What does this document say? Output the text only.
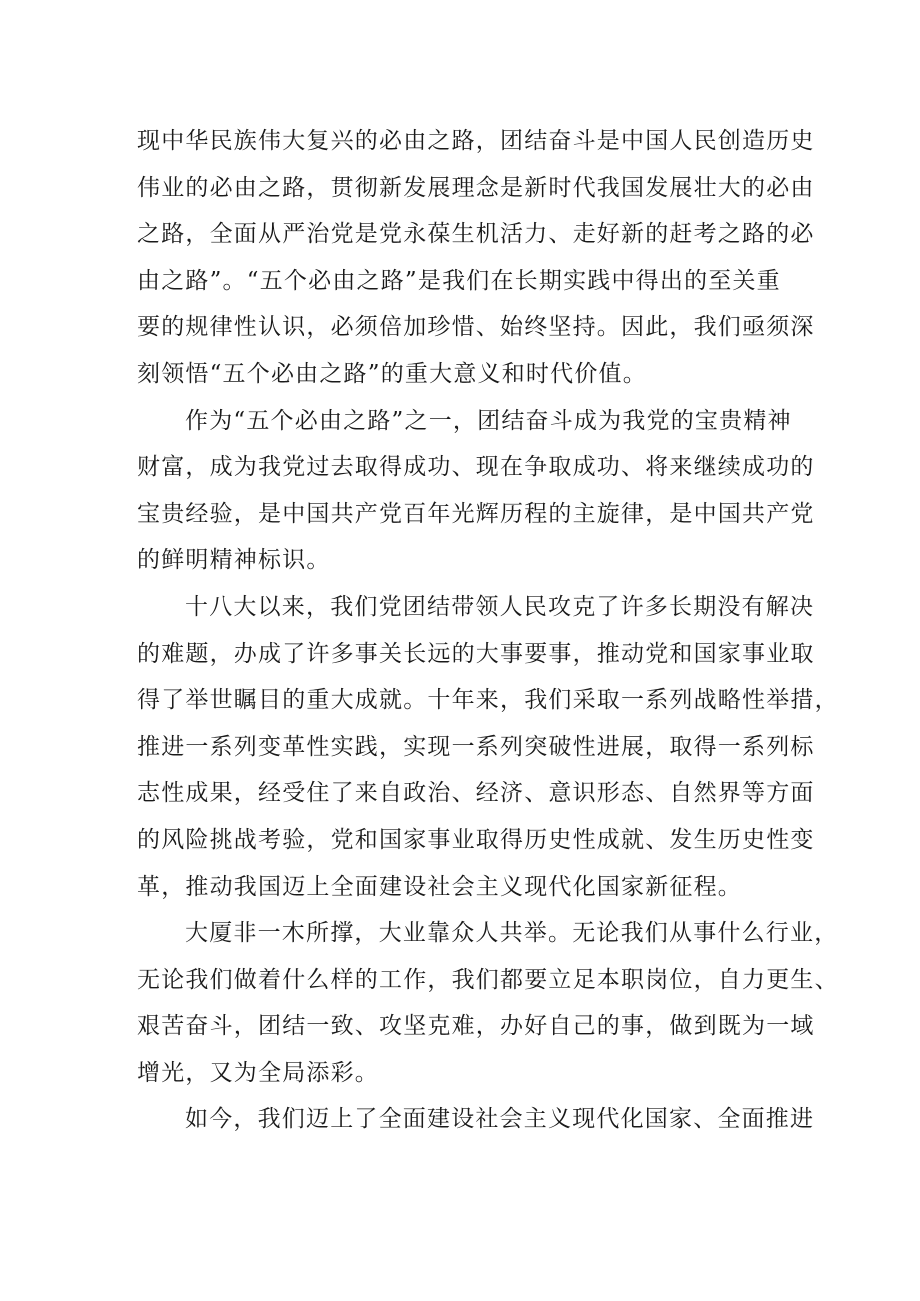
现中华民族伟大复兴的必由之路，团结奋斗是中国人民创造历史
伟业的必由之路，贯彻新发展理念是新时代我国发展壮大的必由
之路，全面从严治党是党永葆生机活力、走好新的赶考之路的必
由之路”。“五个必由之路”是我们在长期实践中得出的至关重
要的规律性认识，必须倍加珍惜、始终坚持。因此，我们亟须深
刻领悟“五个必由之路”的重大意义和时代价值。

作为“五个必由之路”之一，团结奋斗成为我党的宝贵精神
财富，成为我党过去取得成功、现在争取成功、将来继续成功的
宝贵经验，是中国共产党百年光辉历程的主旋律，是中国共产党
的鲜明精神标识。

十八大以来，我们党团结带领人民攻克了许多长期没有解决
的难题，办成了许多事关长远的大事要事，推动党和国家事业取
得了举世瞩目的重大成就。十年来，我们采取一系列战略性举措，
推进一系列变革性实践，实现一系列突破性进展，取得一系列标
志性成果，经受住了来自政治、经济、意识形态、自然界等方面
的风险挑战考验，党和国家事业取得历史性成就、发生历史性变
革，推动我国迈上全面建设社会主义现代化国家新征程。

大厦非一木所撑，大业靠众人共举。无论我们从事什么行业，
无论我们做着什么样的工作，我们都要立足本职岗位，自力更生、
艰苦奋斗，团结一致、攻坚克难，办好自己的事，做到既为一域
增光，又为全局添彩。

如今，我们迈上了全面建设社会主义现代化国家、全面推进
